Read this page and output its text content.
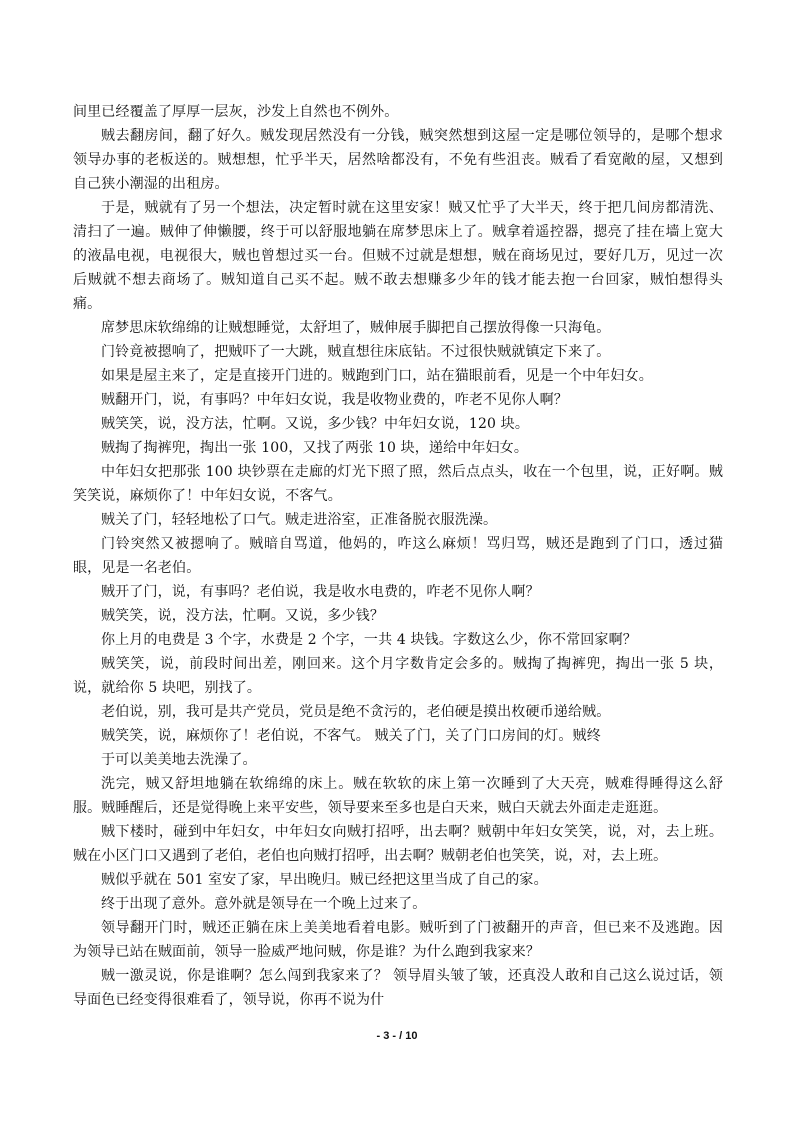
间里已经覆盖了厚厚一层灰，沙发上自然也不例外。

贼去翻房间，翻了好久。贼发现居然没有一分钱，贼突然想到这屋一定是哪位领导的，是哪个想求领导办事的老板送的。贼想想，忙乎半天，居然啥都没有，不免有些沮丧。贼看了看宽敞的屋，又想到自己狭小潮湿的出租房。

于是，贼就有了另一个想法，决定暂时就在这里安家！贼又忙乎了大半天，终于把几间房都清洗、清扫了一遍。贼伸了伸懒腰，终于可以舒服地躺在席梦思床上了。贼拿着遥控器，摁亮了挂在墙上宽大的液晶电视，电视很大，贼也曾想过买一台。但贼不过就是想想，贼在商场见过，要好几万，见过一次后贼就不想去商场了。贼知道自己买不起。贼不敢去想赚多少年的钱才能去抱一台回家，贼怕想得头痛。

席梦思床软绵绵的让贼想睡觉，太舒坦了，贼伸展手脚把自己摆放得像一只海龟。

门铃竟被摁响了，把贼吓了一大跳，贼直想往床底钻。不过很快贼就镇定下来了。

如果是屋主来了，定是直接开门进的。贼跑到门口，站在猫眼前看，见是一个中年妇女。

贼翻开门，说，有事吗？中年妇女说，我是收物业费的，咋老不见你人啊？

贼笑笑，说，没方法，忙啊。又说，多少钱？中年妇女说，120 块。

贼掏了掏裤兜，掏出一张 100，又找了两张 10 块，递给中年妇女。

中年妇女把那张 100 块钞票在走廊的灯光下照了照，然后点点头，收在一个包里，说，正好啊。贼笑笑说，麻烦你了！中年妇女说，不客气。

贼关了门，轻轻地松了口气。贼走进浴室，正准备脱衣服洗澡。

门铃突然又被摁响了。贼暗自骂道，他妈的，咋这么麻烦！骂归骂，贼还是跑到了门口，透过猫眼，见是一名老伯。

贼开了门，说，有事吗？老伯说，我是收水电费的，咋老不见你人啊？

贼笑笑，说，没方法，忙啊。又说，多少钱？

你上月的电费是 3 个字，水费是 2 个字，一共 4 块钱。字数这么少，你不常回家啊？

贼笑笑，说，前段时间出差，刚回来。这个月字数肯定会多的。贼掏了掏裤兜，掏出一张 5 块，说，就给你 5 块吧，别找了。

老伯说，别，我可是共产党员，党员是绝不贪污的，老伯硬是摸出枚硬币递给贼。

贼笑笑，说，麻烦你了！老伯说，不客气。 贼关了门，关了门口房间的灯。贼终

于可以美美地去洗澡了。

洗完，贼又舒坦地躺在软绵绵的床上。贼在软软的床上第一次睡到了大天亮，贼难得睡得这么舒服。贼睡醒后，还是觉得晚上来平安些，领导要来至多也是白天来，贼白天就去外面走走逛逛。

贼下楼时，碰到中年妇女，中年妇女向贼打招呼，出去啊？贼朝中年妇女笑笑，说，对，去上班。贼在小区门口又遇到了老伯，老伯也向贼打招呼，出去啊？贼朝老伯也笑笑，说，对，去上班。

贼似乎就在 501 室安了家，早出晚归。贼已经把这里当成了自己的家。

终于出现了意外。意外就是领导在一个晚上过来了。

领导翻开门时，贼还正躺在床上美美地看着电影。贼听到了门被翻开的声音，但已来不及逃跑。因为领导已站在贼面前，领导一脸威严地问贼，你是谁？为什么跑到我家来？

贼一激灵说，你是谁啊？怎么闯到我家来了？ 领导眉头皱了皱，还真没人敢和自己这么说过话，领导面色已经变得很难看了，领导说，你再不说为什

- 3 - / 10
